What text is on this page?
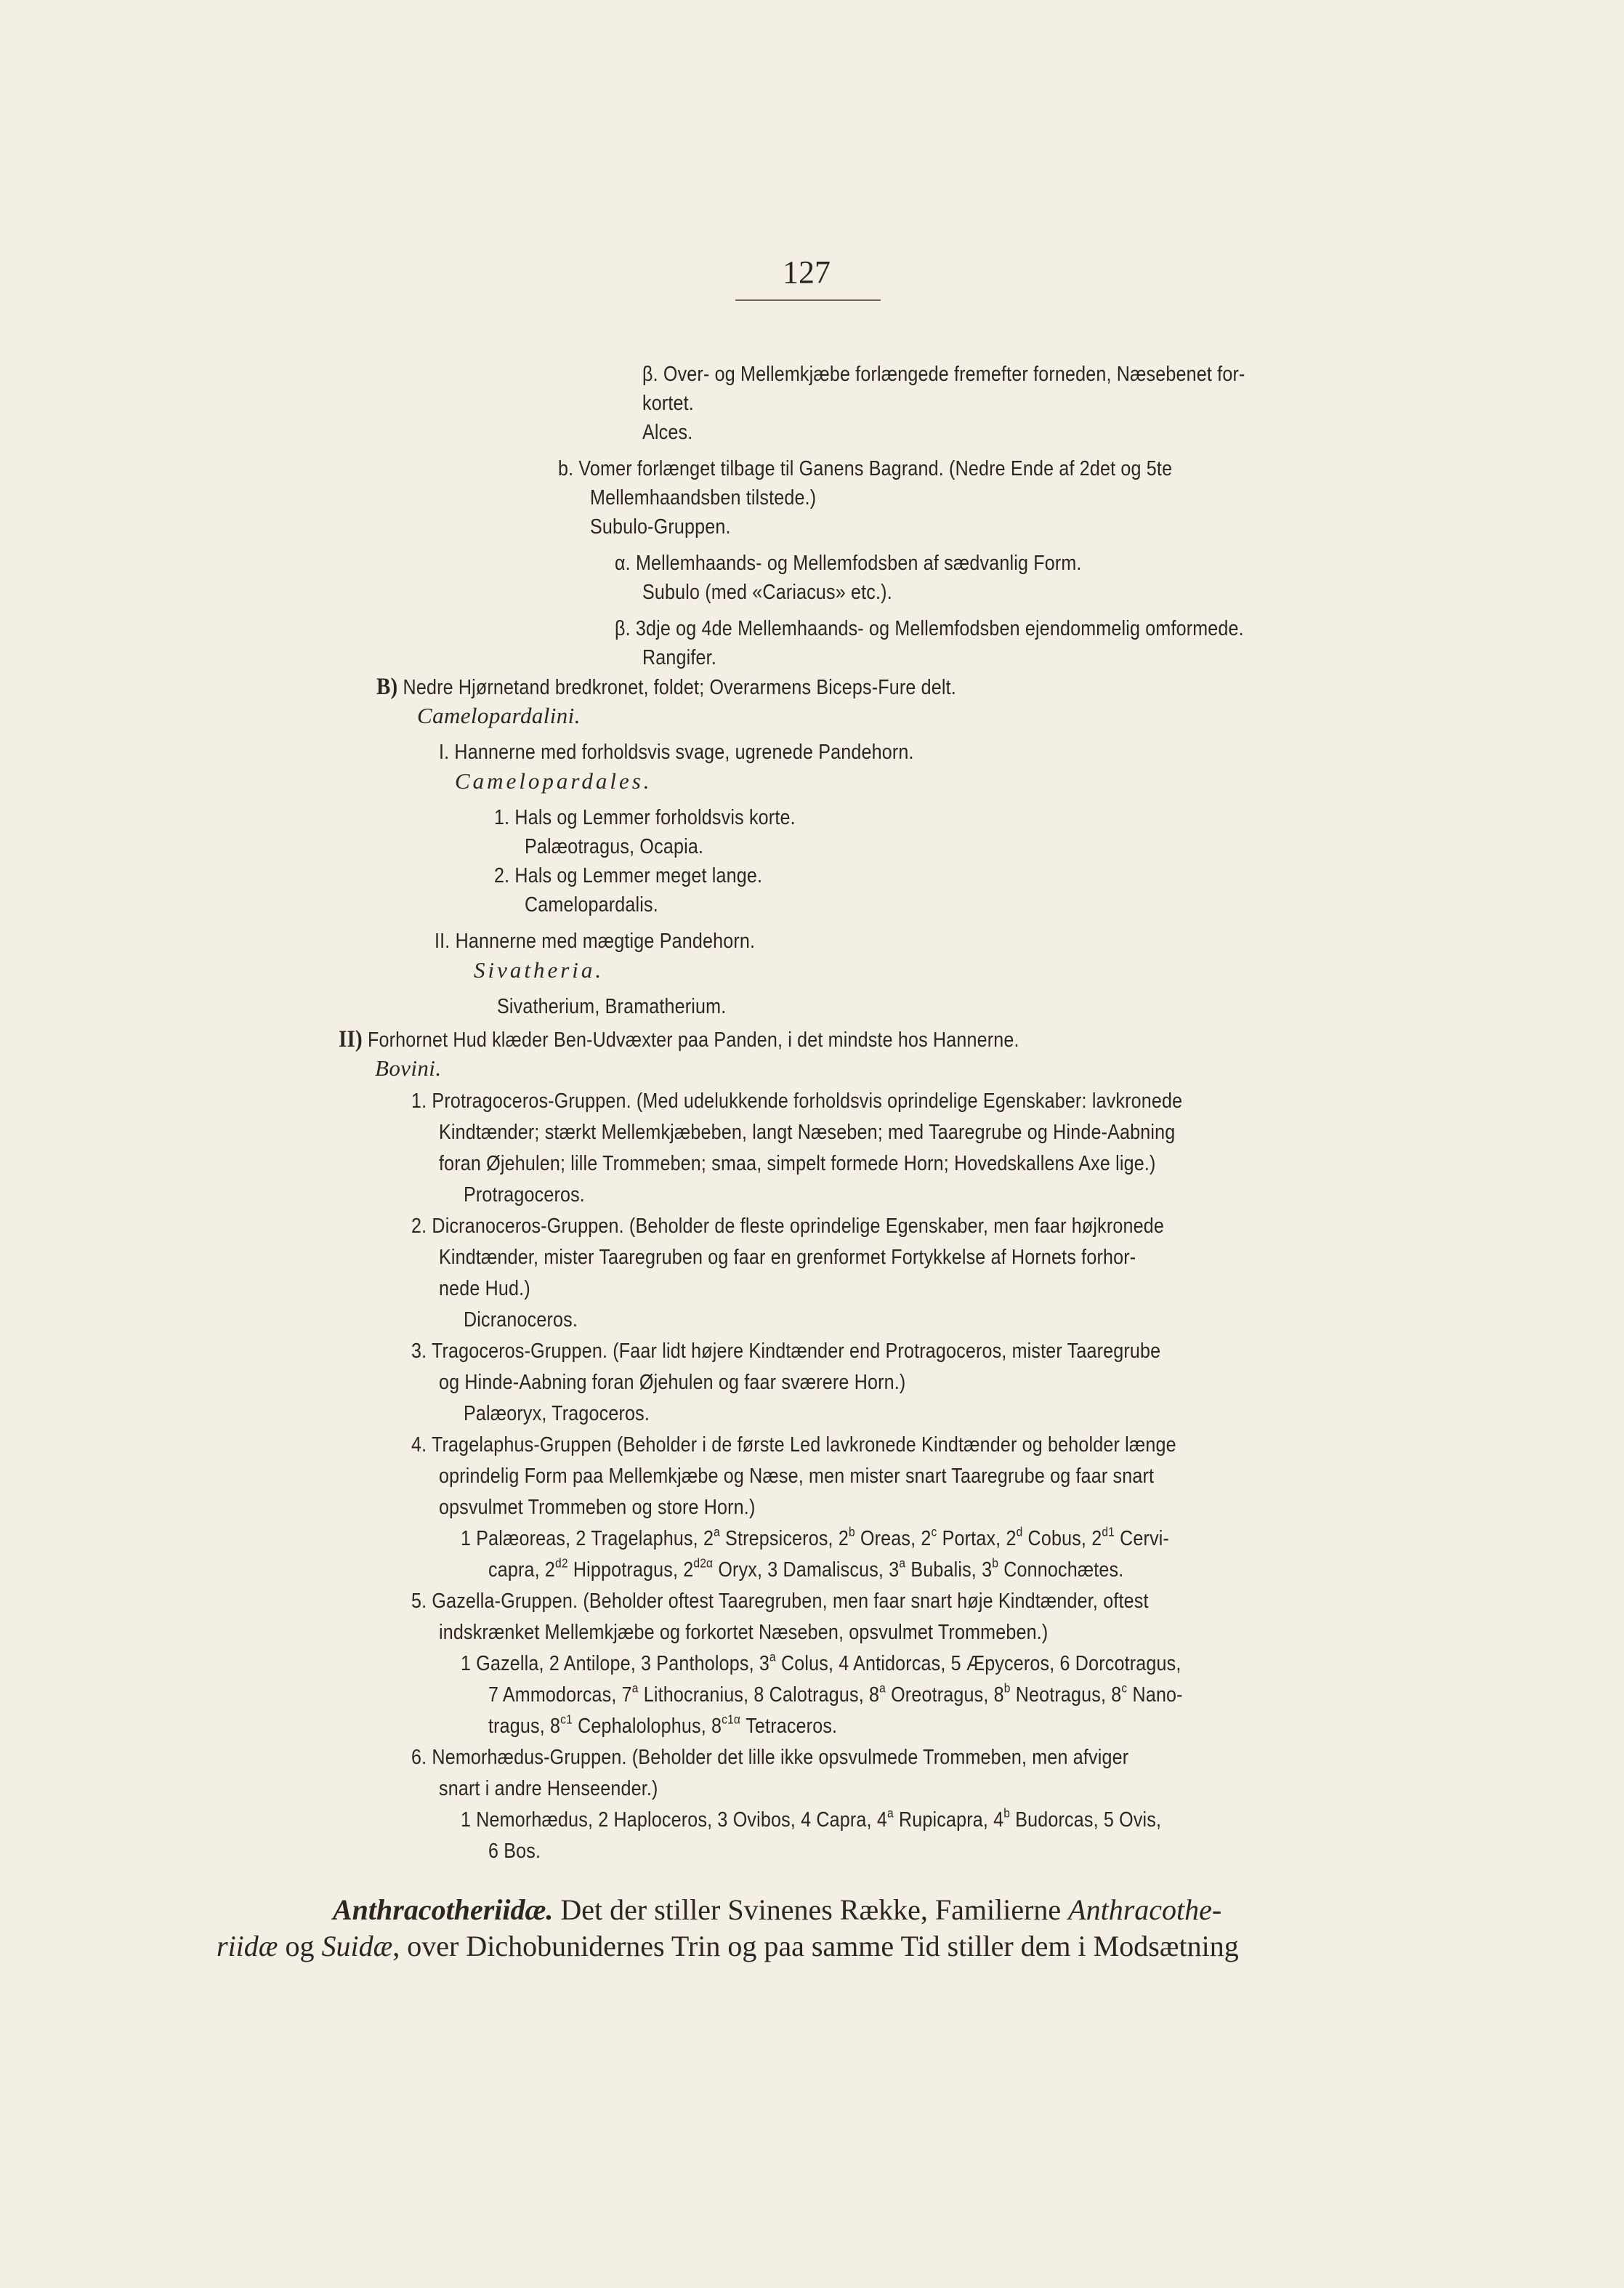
127
β. Over- og Mellemkjæbe forlængede fremefter forneden, Næsebenet for-
kortet.
Alces.
b. Vomer forlænget tilbage til Ganens Bagrand. (Nedre Ende af 2det og 5te
Mellemhaandsben tilstede.)
Subulo-Gruppen.
α. Mellemhaands- og Mellemfodsben af sædvanlig Form.
Subulo (med «Cariacus» etc.).
β. 3dje og 4de Mellemhaands- og Mellemfodsben ejendommelig omformede.
Rangifer.
B) Nedre Hjørnetand bredkronet, foldet; Overarmens Biceps-Fure delt.
Camelopardalini.
I. Hannerne med forholdsvis svage, ugrenede Pandehorn.
Camelopardales.
1. Hals og Lemmer forholdsvis korte.
Palæotragus, Ocapia.
2. Hals og Lemmer meget lange.
Camelopardalis.
II. Hannerne med mægtige Pandehorn.
Sivatheria.
Sivatherium, Bramatherium.
II) Forhornet Hud klæder Ben-Udvæxter paa Panden, i det mindste hos Hannerne.
Bovini.
1. Protragoceros-Gruppen. (Med udelukkende forholdsvis oprindelige Egenskaber: lavkronede
Kindtænder; stærkt Mellemkjæbeben, langt Næseben; med Taaregrube og Hinde-Aabning
foran Øjehulen; lille Trommeben; smaa, simpelt formede Horn; Hovedskallens Axe lige.)
Protragoceros.
2. Dicranoceros-Gruppen. (Beholder de fleste oprindelige Egenskaber, men faar højkronede
Kindtænder, mister Taaregruben og faar en grenformet Fortykkelse af Hornets forhor-
nede Hud.)
Dicranoceros.
3. Tragoceros-Gruppen. (Faar lidt højere Kindtænder end Protragoceros, mister Taaregrube
og Hinde-Aabning foran Øjehulen og faar sværere Horn.)
Palæoryx, Tragoceros.
4. Tragelaphus-Gruppen (Beholder i de første Led lavkronede Kindtænder og beholder længe
oprindelig Form paa Mellemkjæbe og Næse, men mister snart Taaregrube og faar snart
opsvulmet Trommeben og store Horn.)
1 Palæoreas, 2 Tragelaphus, 2$^a$ Strepsiceros, 2$^b$ Oreas, 2$^c$ Portax, 2$^d$ Cobus, $2^{d1}$ Cervi-
capra, $2^{d2}$ Hippotragus, $2^{d2\alpha}$ Oryx, 3 Damaliscus, 3$^a$ Bubalis, 3$^b$ Connochætes.
5. Gazella-Gruppen. (Beholder oftest Taaregruben, men faar snart høje Kindtænder, oftest
indskrænket Mellemkjæbe og forkortet Næseben, opsvulmet Trommeben.)
1 Gazella, 2 Antilope, 3 Pantholops, 3$^a$ Colus, 4 Antidorcas, 5 Æpyceros, 6 Dorcotragus,
7 Ammodorcas, 7$^a$ Lithocranius, 8 Calotragus, 8$^a$ Oreotragus, 8$^b$ Neotragus, 8$^c$ Nano-
tragus, $8^{c1}$ Cephalolophus, $8^{c1\alpha}$ Tetraceros.
6. Nemorhædus-Gruppen. (Beholder det lille ikke opsvulmede Trommeben, men afviger
snart i andre Henseender.)
1 Nemorhædus, 2 Haploceros, 3 Ovibos, 4 Capra, 4$^a$ Rupicapra, 4$^b$ Budorcas, 5 Ovis,
6 Bos.
Anthracotheriidæ. Det der stiller Svinenes Række, Familierne Anthracothe-
riidæ og Suidæ, over Dichobunidernes Trin og paa samme Tid stiller dem i Modsætning
